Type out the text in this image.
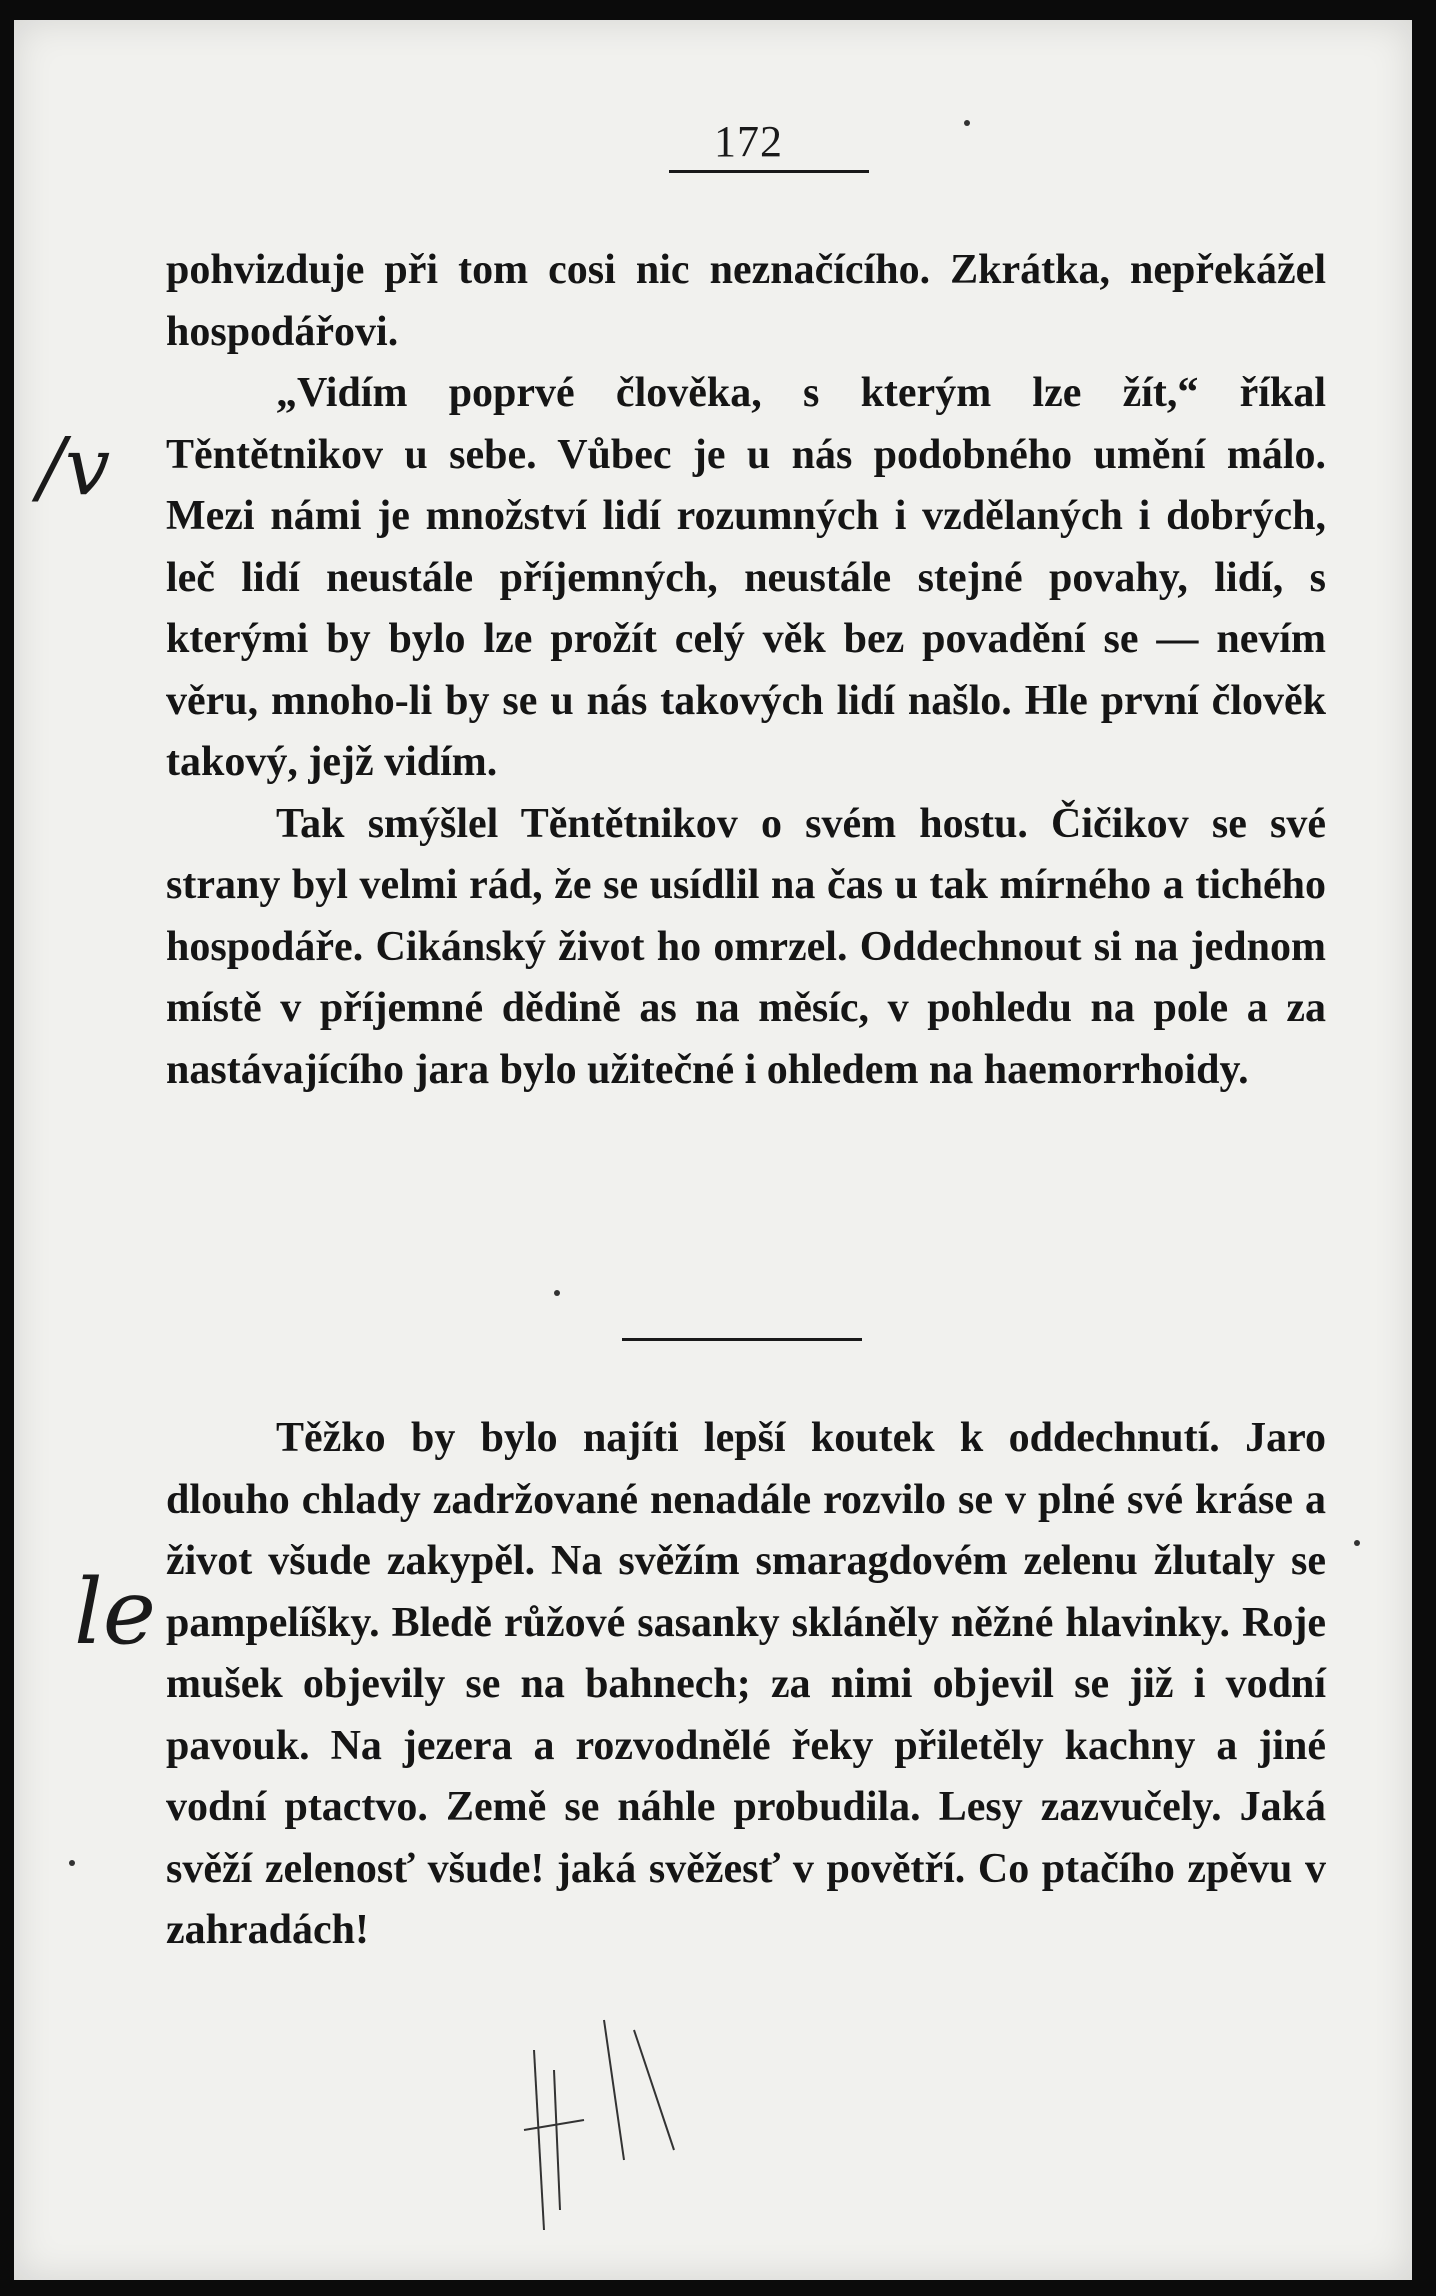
172
/v

pohvizduje při tom cosi nic neznačícího. Zkrátka, nepřekážel hospodářovi.

„Vidím poprvé člověka, s kterým lze žít,“ říkal Těntětnikov u sebe. Vůbec je u nás podobného umění málo. Mezi námi je množství lidí rozumných i vzdělaných i dobrých, leč lidí neustále příjemných, neustále stejné povahy, lidí, s kterými by bylo lze prožít celý věk bez povadění se — nevím věru, mnoho-li by se u nás takových lidí našlo. Hle první člověk takový, jejž vidím.

Tak smýšlel Těntětnikov o svém hostu. Čičikov se své strany byl velmi rád, že se usídlil na čas u tak mírného a tichého hospodáře. Cikánský život ho omrzel. Oddechnout si na jednom místě v příjemné dědině as na měsíc, v pohledu na pole a za nastávajícího jara bylo užitečné i ohledem na haemorrhoidy.

le

Těžko by bylo najíti lepší koutek k oddechnutí. Jaro dlouho chlady zadržované nenadále rozvilo se v plné své kráse a život všude zakypěl. Na svěžím smaragdovém zelenu žlutaly se pampelíšky. Bledě růžové sasanky skláněly něžné hlavinky. Roje mušek objevily se na bahnech; za nimi objevil se již i vodní pavouk. Na jezera a rozvodnělé řeky přiletěly kachny a jiné vodní ptactvo. Země se náhle probudila. Lesy zazvučely. Jaká svěží zelenosť všude! jaká svěžesť v povětří. Co ptačího zpěvu v zahradách!
